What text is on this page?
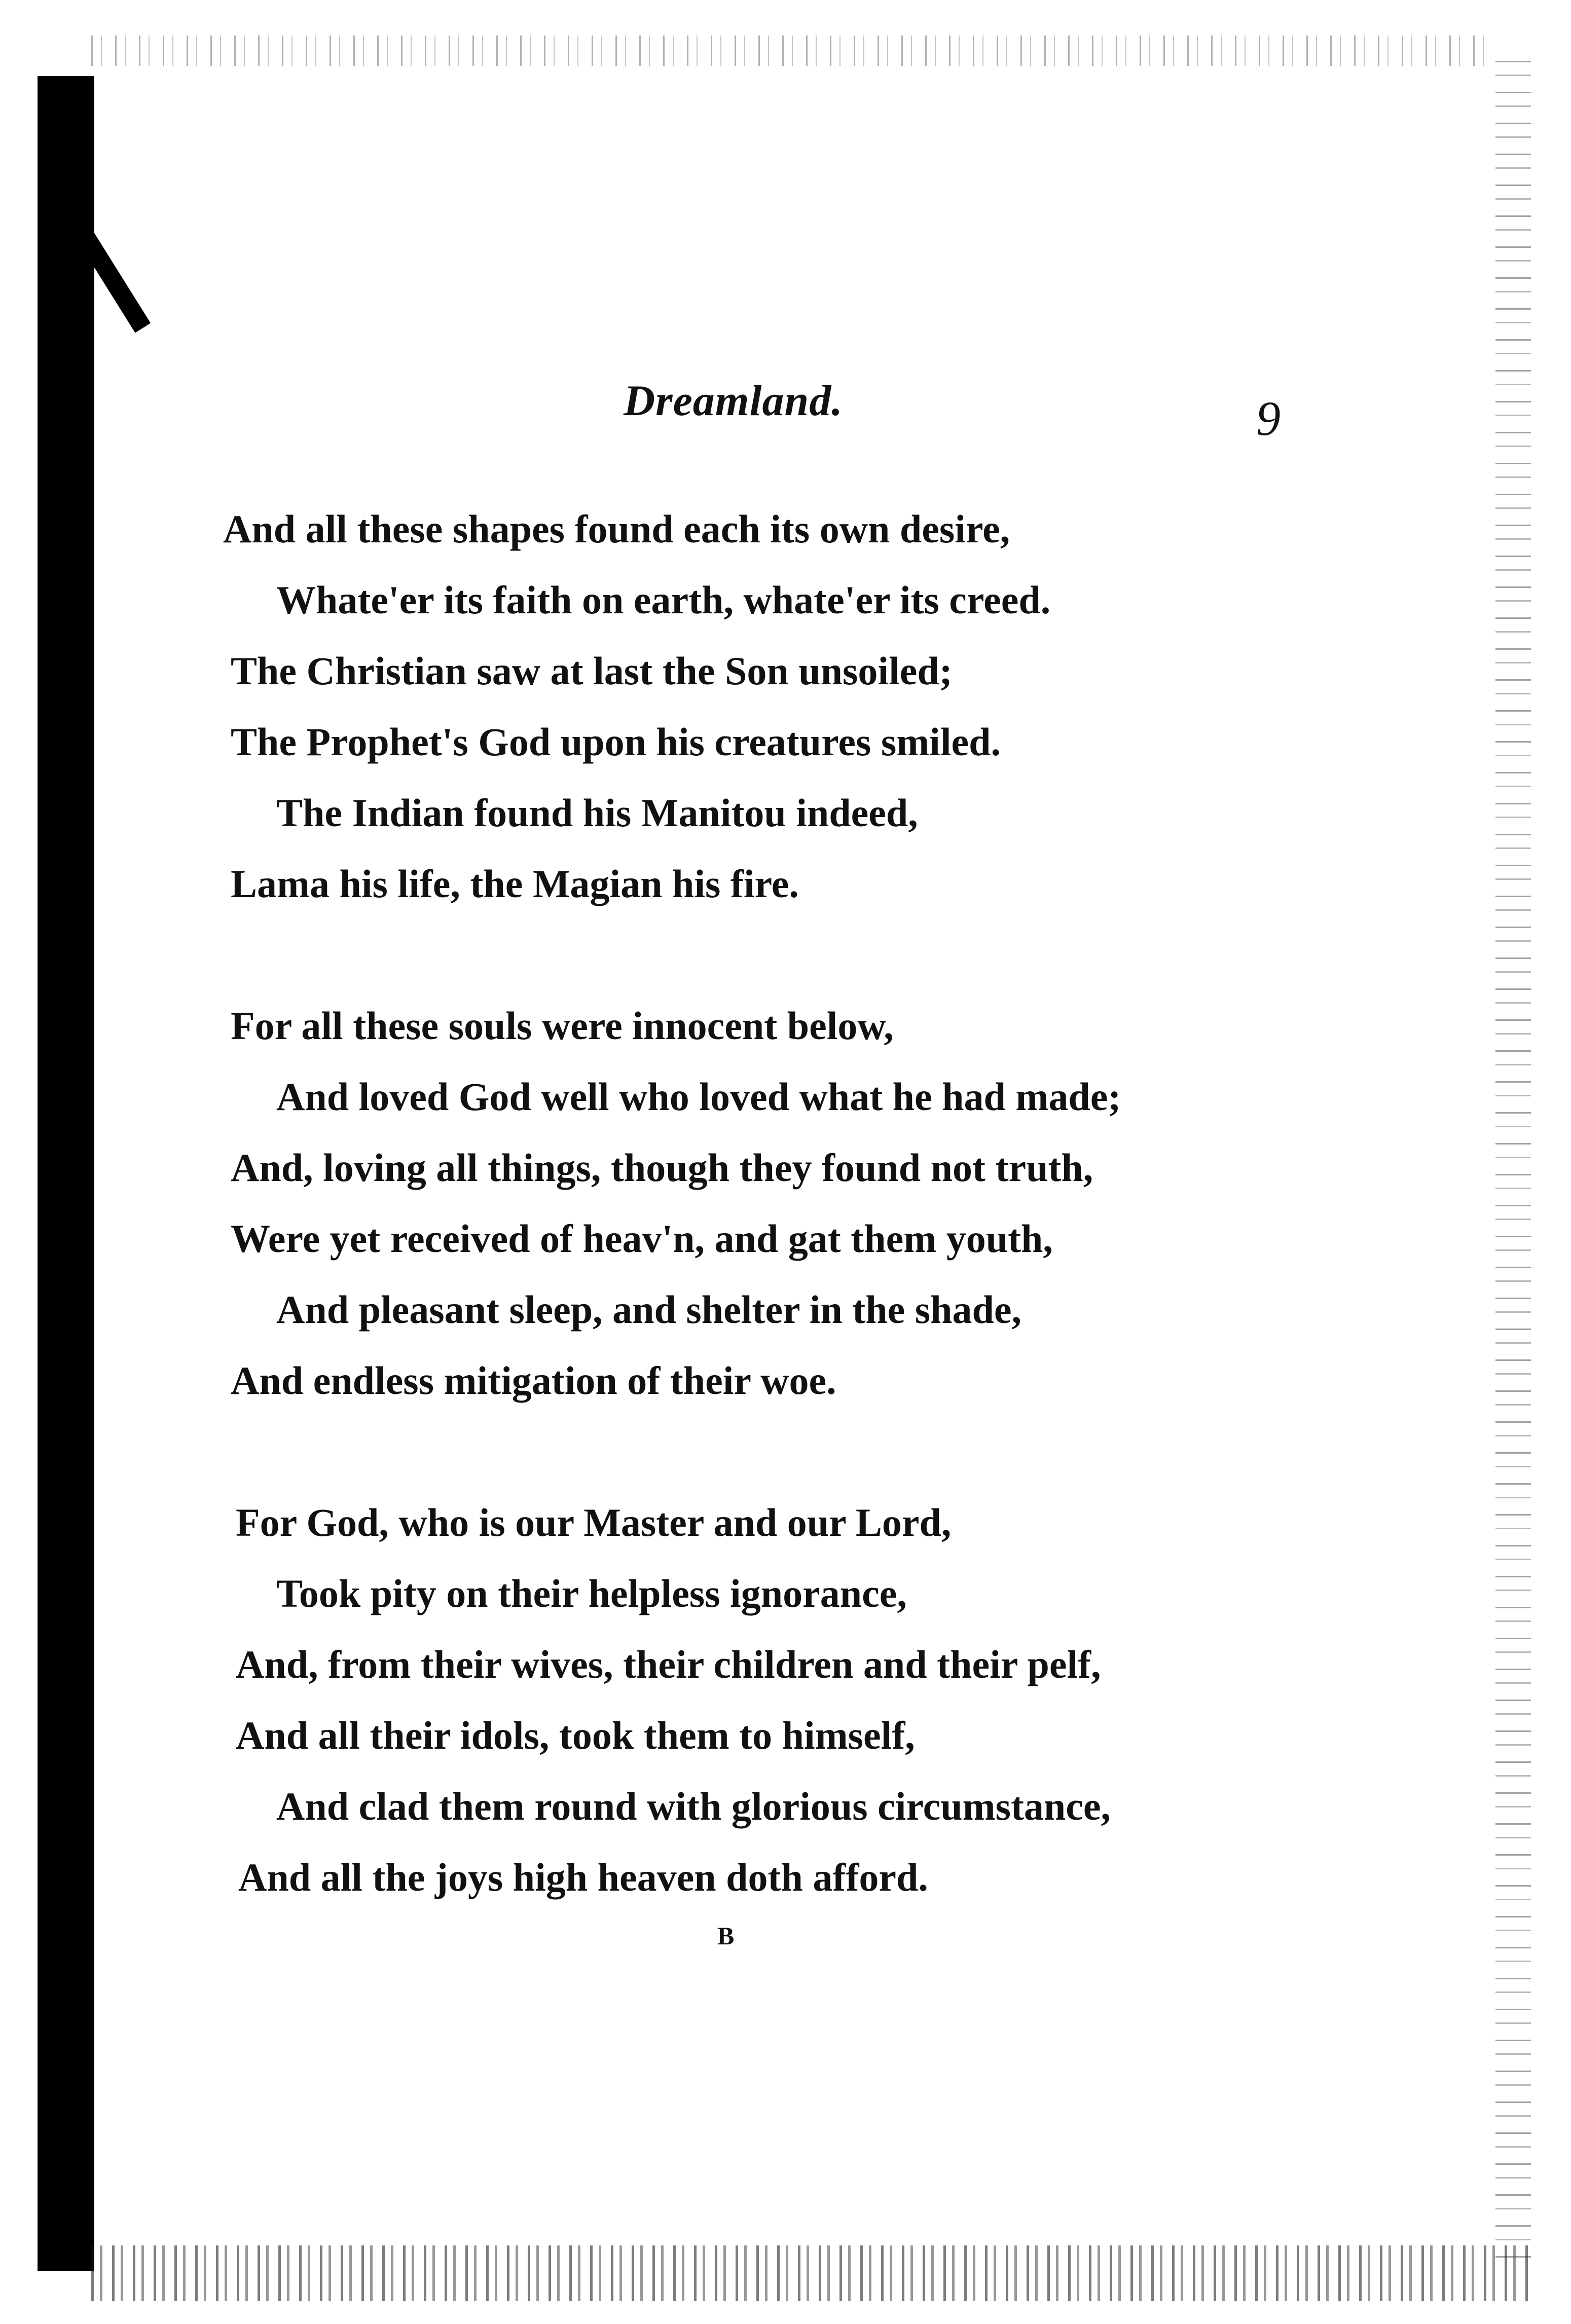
Dreamland.	9
And all these shapes found each its own desire,
Whate'er its faith on earth, whate'er its creed.
The Christian saw at last the Son unsoiled;
The Prophet's God upon his creatures smiled.
The Indian found his Manitou indeed,
Lama his life, the Magian his fire.
For all these souls were innocent below,
And loved God well who loved what he had made;
And, loving all things, though they found not truth,
Were yet received of heav'n, and gat them youth,
And pleasant sleep, and shelter in the shade,
And endless mitigation of their woe.
For God, who is our Master and our Lord,
Took pity on their helpless ignorance,
And, from their wives, their children and their pelf,
And all their idols, took them to himself,
And clad them round with glorious circumstance,
And all the joys high heaven doth afford.
B
